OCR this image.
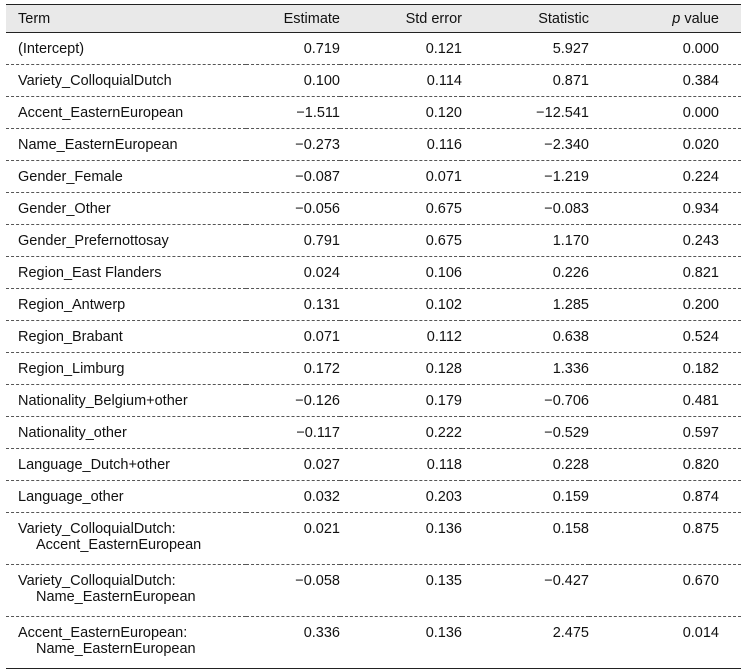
Term	Estimate	Std error	Statistic	p value
(Intercept)	0.719	0.121	5.927	0.000
Variety_ColloquialDutch	0.100	0.114	0.871	0.384
Accent_EasternEuropean	−1.511	0.120	−12.541	0.000
Name_EasternEuropean	−0.273	0.116	−2.340	0.020
Gender_Female	−0.087	0.071	−1.219	0.224
Gender_Other	−0.056	0.675	−0.083	0.934
Gender_Prefernottosay	0.791	0.675	1.170	0.243
Region_East Flanders	0.024	0.106	0.226	0.821
Region_Antwerp	0.131	0.102	1.285	0.200
Region_Brabant	0.071	0.112	0.638	0.524
Region_Limburg	0.172	0.128	1.336	0.182
Nationality_Belgium+other	−0.126	0.179	−0.706	0.481
Nationality_other	−0.117	0.222	−0.529	0.597
Language_Dutch+other	0.027	0.118	0.228	0.820
Language_other	0.032	0.203	0.159	0.874
Variety_ColloquialDutch:
Accent_EasternEuropean	0.021	0.136	0.158	0.875
Variety_ColloquialDutch:
Name_EasternEuropean	−0.058	0.135	−0.427	0.670
Accent_EasternEuropean:
Name_EasternEuropean	0.336	0.136	2.475	0.014
